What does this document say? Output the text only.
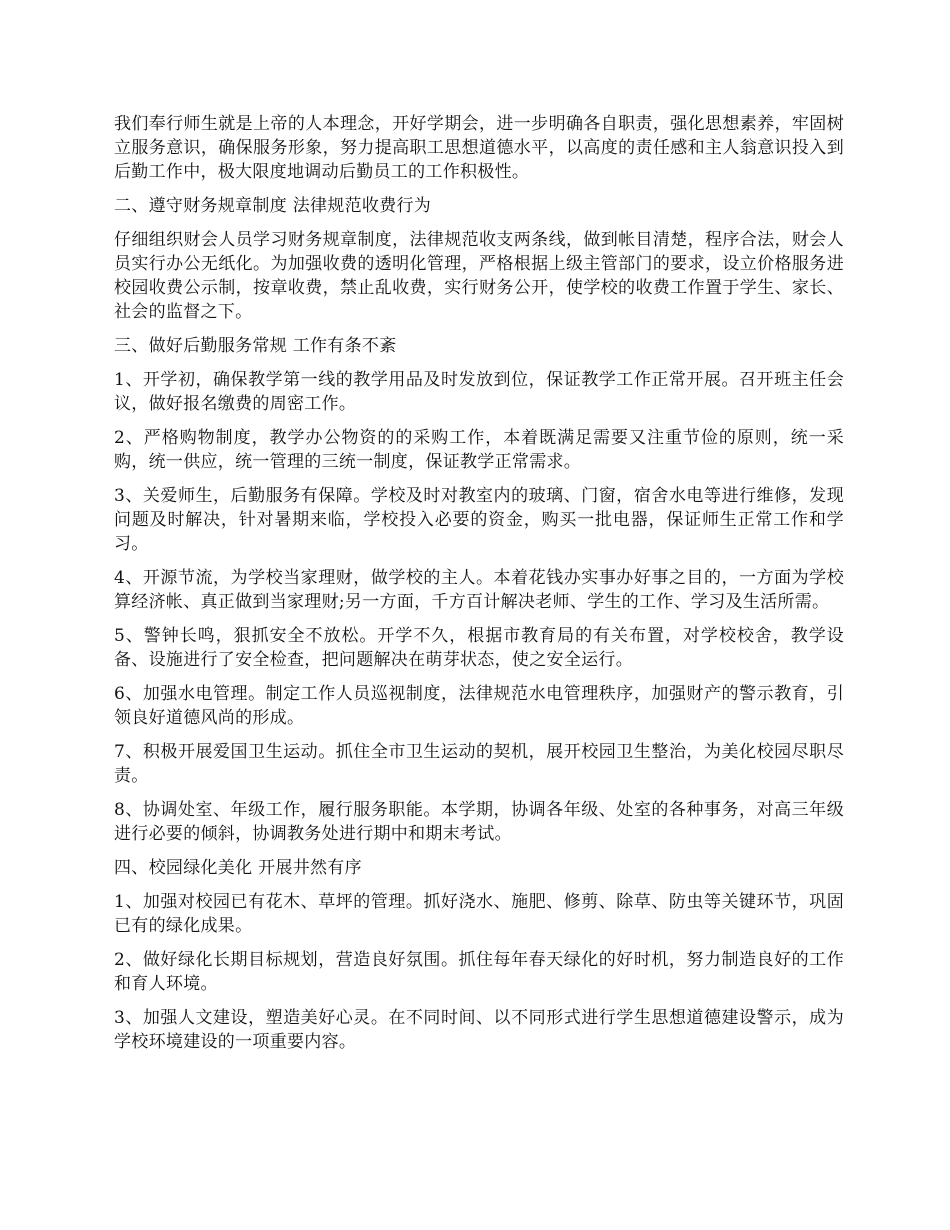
我们奉行师生就是上帝的人本理念，开好学期会，进一步明确各自职责，强化思想素养，牢固树立服务意识，确保服务形象，努力提高职工思想道德水平，以高度的责任感和主人翁意识投入到后勤工作中，极大限度地调动后勤员工的工作积极性。

二、遵守财务规章制度 法律规范收费行为

仔细组织财会人员学习财务规章制度，法律规范收支两条线，做到帐目清楚，程序合法，财会人员实行办公无纸化。为加强收费的透明化管理，严格根据上级主管部门的要求，设立价格服务进校园收费公示制，按章收费，禁止乱收费，实行财务公开，使学校的收费工作置于学生、家长、社会的监督之下。

三、做好后勤服务常规 工作有条不紊

1、开学初，确保教学第一线的教学用品及时发放到位，保证教学工作正常开展。召开班主任会议，做好报名缴费的周密工作。

2、严格购物制度，教学办公物资的的采购工作，本着既满足需要又注重节俭的原则，统一采购，统一供应，统一管理的三统一制度，保证教学正常需求。

3、关爱师生，后勤服务有保障。学校及时对教室内的玻璃、门窗，宿舍水电等进行维修，发现问题及时解决，针对暑期来临，学校投入必要的资金，购买一批电器，保证师生正常工作和学习。

4、开源节流，为学校当家理财，做学校的主人。本着花钱办实事办好事之目的，一方面为学校算经济帐、真正做到当家理财;另一方面，千方百计解决老师、学生的工作、学习及生活所需。

5、警钟长鸣，狠抓安全不放松。开学不久，根据市教育局的有关布置，对学校校舍，教学设备、设施进行了安全检查，把问题解决在萌芽状态，使之安全运行。

6、加强水电管理。制定工作人员巡视制度，法律规范水电管理秩序，加强财产的警示教育，引领良好道德风尚的形成。

7、积极开展爱国卫生运动。抓住全市卫生运动的契机，展开校园卫生整治，为美化校园尽职尽责。

8、协调处室、年级工作，履行服务职能。本学期，协调各年级、处室的各种事务，对高三年级进行必要的倾斜，协调教务处进行期中和期末考试。

四、校园绿化美化 开展井然有序

1、加强对校园已有花木、草坪的管理。抓好浇水、施肥、修剪、除草、防虫等关键环节，巩固已有的绿化成果。

2、做好绿化长期目标规划，营造良好氛围。抓住每年春天绿化的好时机，努力制造良好的工作和育人环境。

3、加强人文建设，塑造美好心灵。在不同时间、以不同形式进行学生思想道德建设警示，成为学校环境建设的一项重要内容。
